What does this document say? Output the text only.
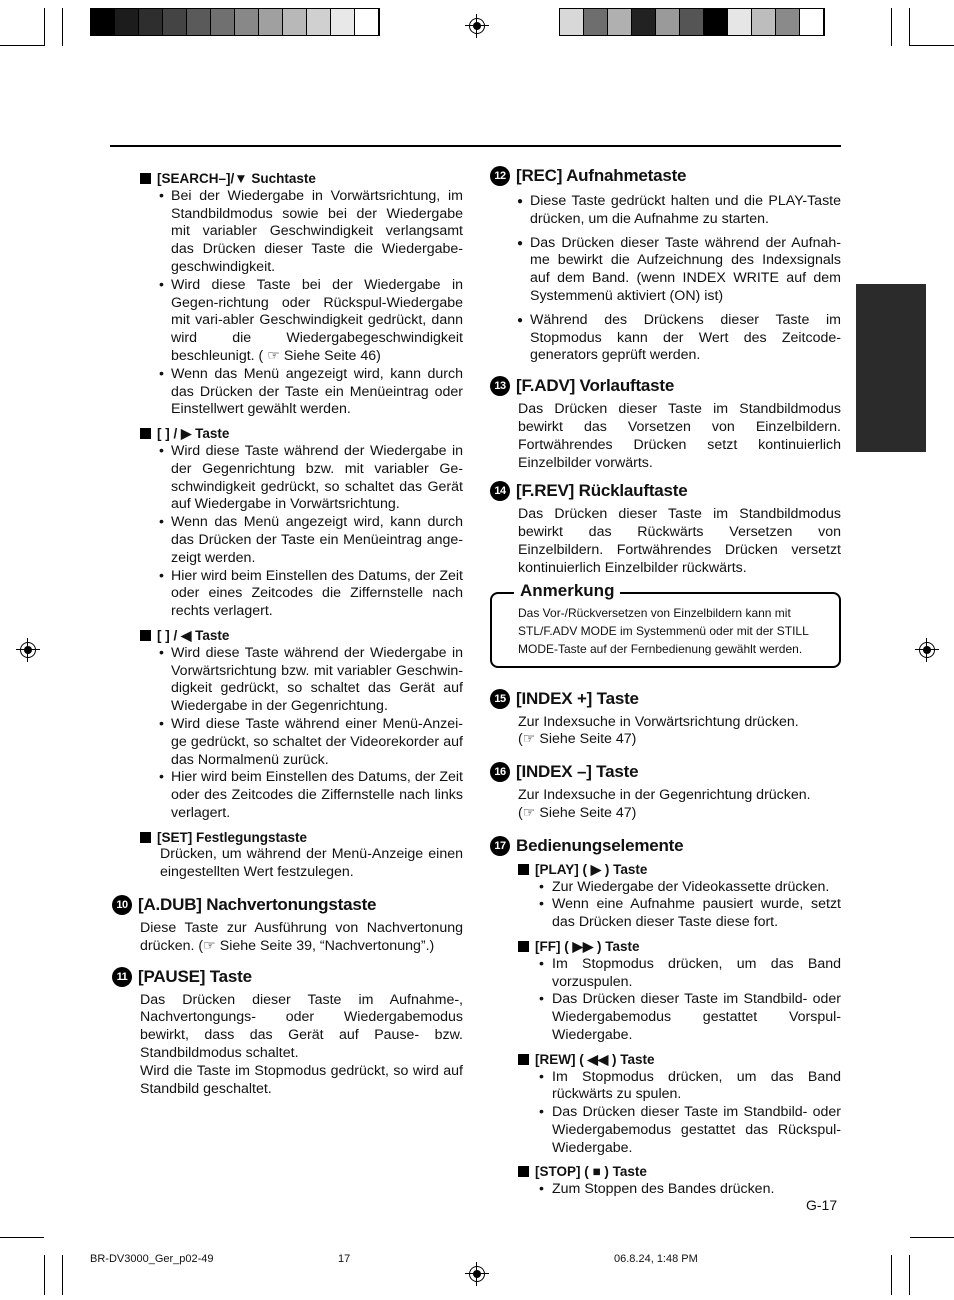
[SEARCH–]/▼ Suchtaste

• Bei der Wiedergabe in Vorwärtsrichtung, im Standbildmodus sowie bei der Wiedergabe mit variabler Geschwindigkeit verlangsamt das Drücken dieser Taste die Wiedergabe-geschwindigkeit.

• Wird diese Taste bei der Wiedergabe in Gegen-richtung oder Rückspul-Wiedergabe mit vari-abler Geschwindigkeit gedrückt, dann wird die Wiedergabegeschwindigkeit beschleunigt. ( ☞ Siehe Seite 46)

• Wenn das Menü angezeigt wird, kann durch das Drücken der Taste ein Menüeintrag oder Einstellwert gewählt werden.

[ ] / ▶ Taste

• Wird diese Taste während der Wiedergabe in der Gegenrichtung bzw. mit variabler Ge-schwindigkeit gedrückt, so schaltet das Gerät auf Wiedergabe in Vorwärtsrichtung.

• Wenn das Menü angezeigt wird, kann durch das Drücken der Taste ein Menüeintrag ange-zeigt werden.

• Hier wird beim Einstellen des Datums, der Zeit oder eines Zeitcodes die Ziffernstelle nach rechts verlagert.

[ ] / ◀ Taste

• Wird diese Taste während der Wiedergabe in Vorwärtsrichtung bzw. mit variabler Geschwin-digkeit gedrückt, so schaltet das Gerät auf Wiedergabe in der Gegenrichtung.

• Wird diese Taste während einer Menü-Anzei-ge gedrückt, so schaltet der Videorekorder auf das Normalmenü zurück.

• Hier wird beim Einstellen des Datums, der Zeit oder des Zeitcodes die Ziffernstelle nach links verlagert.

[SET] Festlegungstaste

Drücken, um während der Menü-Anzeige einen eingestellten Wert festzulegen.

10 [A.DUB] Nachvertonungstaste

Diese Taste zur Ausführung von Nachvertonung drücken. (☞ Siehe Seite 39, “Nachvertonung”.)

11 [PAUSE] Taste

Das Drücken dieser Taste im Aufnahme-, Nachvertongungs- oder Wiedergabemodus bewirkt, dass das Gerät auf Pause- bzw. Standbildmodus schaltet.

Wird die Taste im Stopmodus gedrückt, so wird auf Standbild geschaltet.

12 [REC] Aufnahmetaste

● Diese Taste gedrückt halten und die PLAY-Taste drücken, um die Aufnahme zu starten.

● Das Drücken dieser Taste während der Aufnah-me bewirkt die Aufzeichnung des Indexsignals auf dem Band. (wenn INDEX WRITE auf dem Systemmenü aktiviert (ON) ist)

● Während des Drückens dieser Taste im Stopmodus kann der Wert des Zeitcode-generators geprüft werden.

13 [F.ADV] Vorlauftaste

Das Drücken dieser Taste im Standbildmodus bewirkt das Vorsetzen von Einzelbildern. Fortwährendes Drücken setzt kontinuierlich Einzelbilder vorwärts.

14 [F.REV] Rücklauftaste

Das Drücken dieser Taste im Standbildmodus bewirkt das Rückwärts Versetzen von Einzelbildern. Fortwährendes Drücken versetzt kontinuierlich Einzelbilder rückwärts.

Anmerkung
Das Vor-/Rückversetzen von Einzelbildern kann mit STL/F.ADV MODE im Systemmenü oder mit der STILL MODE-Taste auf der Fernbedienung gewählt werden.

15 [INDEX +] Taste

Zur Indexsuche in Vorwärtsrichtung drücken.

(☞ Siehe Seite 47)

16 [INDEX –] Taste

Zur Indexsuche in der Gegenrichtung drücken.

(☞ Siehe Seite 47)

17 Bedienungselemente

[PLAY] ( ▶ ) Taste

• Zur Wiedergabe der Videokassette drücken.

• Wenn eine Aufnahme pausiert wurde, setzt das Drücken dieser Taste diese fort.

[FF] ( ▶▶ ) Taste

• Im Stopmodus drücken, um das Band vorzuspulen.

• Das Drücken dieser Taste im Standbild- oder Wiedergabemodus gestattet Vorspul-Wiedergabe.

[REW] ( ◀◀ ) Taste

• Im Stopmodus drücken, um das Band rückwärts zu spulen.

• Das Drücken dieser Taste im Standbild- oder Wiedergabemodus gestattet das Rückspul-Wiedergabe.

[STOP] ( ■ ) Taste

• Zum Stoppen des Bandes drücken.

G-17
BR-DV3000_Ger_p02-49	17	06.8.24, 1:48 PM
